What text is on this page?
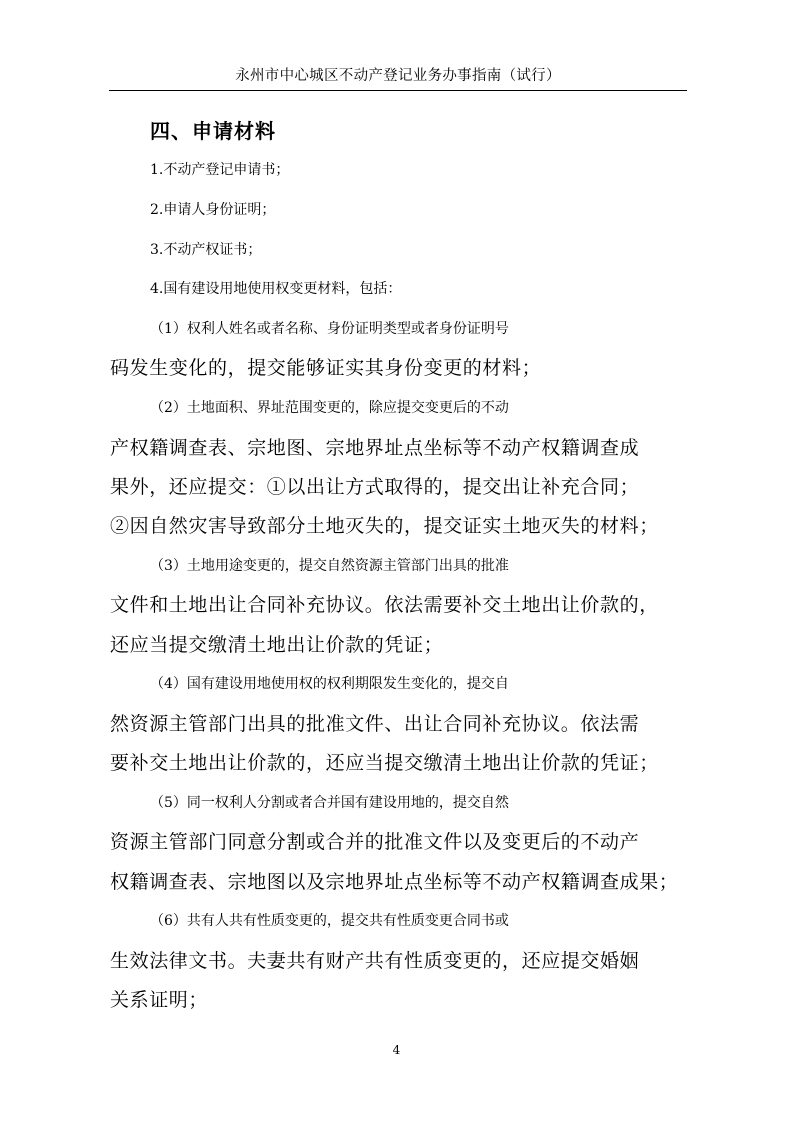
永州市中心城区不动产登记业务办事指南（试行）
四、申请材料
1.不动产登记申请书；
2.申请人身份证明；
3.不动产权证书；
4.国有建设用地使用权变更材料，包括：
（1）权利人姓名或者名称、身份证明类型或者身份证明号
码发生变化的，提交能够证实其身份变更的材料；
（2）土地面积、界址范围变更的，除应提交变更后的不动
产权籍调查表、宗地图、宗地界址点坐标等不动产权籍调查成
果外，还应提交：①以出让方式取得的，提交出让补充合同；
②因自然灾害导致部分土地灭失的，提交证实土地灭失的材料；
（3）土地用途变更的，提交自然资源主管部门出具的批准
文件和土地出让合同补充协议。依法需要补交土地出让价款的，
还应当提交缴清土地出让价款的凭证；
（4）国有建设用地使用权的权利期限发生变化的，提交自
然资源主管部门出具的批准文件、出让合同补充协议。依法需
要补交土地出让价款的，还应当提交缴清土地出让价款的凭证；
（5）同一权利人分割或者合并国有建设用地的，提交自然
资源主管部门同意分割或合并的批准文件以及变更后的不动产
权籍调查表、宗地图以及宗地界址点坐标等不动产权籍调查成果；
（6）共有人共有性质变更的，提交共有性质变更合同书或
生效法律文书。夫妻共有财产共有性质变更的，还应提交婚姻
关系证明；
4
